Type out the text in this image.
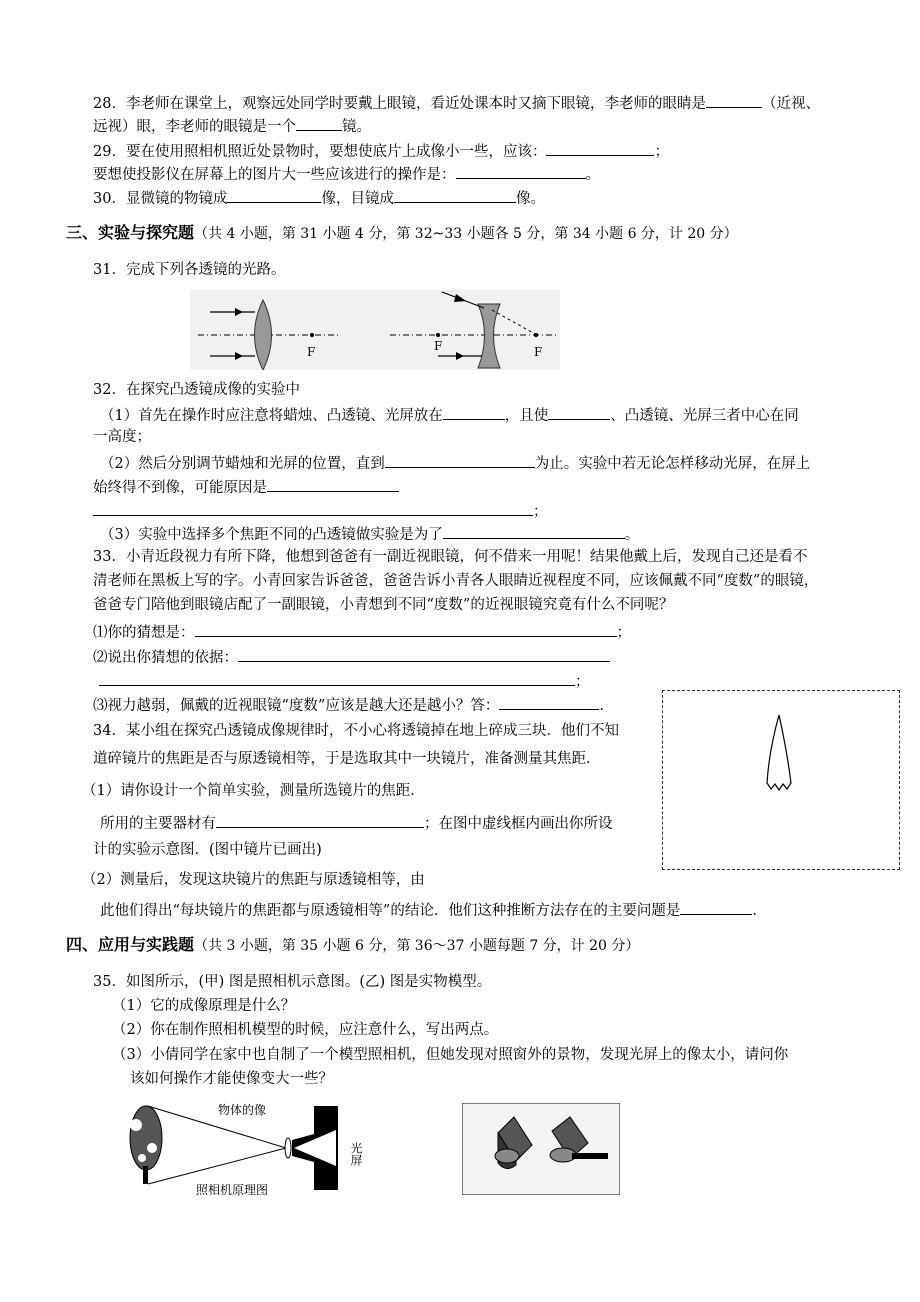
28．李老师在课堂上，观察远处同学时要戴上眼镜，看近处课本时又摘下眼镜，李老师的眼睛是	（近视、
远视）眼，李老师的眼镜是一个	镜。
29．要在使用照相机照近处景物时，要想使底片上成像小一些，应该：	；
要想使投影仪在屏幕上的图片大一些应该进行的操作是：	。
30．显微镜的物镜成	像，目镜成	像。
三、实验与探究题（共 4 小题，第 31 小题 4 分，第 32~33 小题各 5 分，第 34 小题 6 分，计 20 分）
31．完成下列各透镜的光路。
F	F	F
32．在探究凸透镜成像的实验中
（1）首先在操作时应注意将蜡烛、凸透镜、光屏放在	，且使	、凸透镜、光屏三者中心在同
一高度；
（2）然后分别调节蜡烛和光屏的位置，直到	为止。实验中若无论怎样移动光屏，在屏上
始终得不到像，可能原因是
；
（3）实验中选择多个焦距不同的凸透镜做实验是为了	。
33．小青近段视力有所下降，他想到爸爸有一副近视眼镜，何不借来一用呢！结果他戴上后，发现自己还是看不
清老师在黑板上写的字。小青回家告诉爸爸，爸爸告诉小青各人眼睛近视程度不同，应该佩戴不同“度数”的眼镜，
爸爸专门陪他到眼镜店配了一副眼镜，小青想到不同“度数”的近视眼镜究竟有什么不同呢？
⑴你的猜想是：	；
⑵说出你猜想的依据：
；
⑶视力越弱，佩戴的近视眼镜“度数”应该是越大还是越小？答：	.
34．某小组在探究凸透镜成像规律时，不小心将透镜掉在地上碎成三块．他们不知
道碎镜片的焦距是否与原透镜相等，于是选取其中一块镜片，准备测量其焦距．
（1）请你设计一个简单实验，测量所选镜片的焦距．
所用的主要器材有	；在图中虚线框内画出你所设
计的实验示意图．(图中镜片已画出)
（2）测量后，发现这块镜片的焦距与原透镜相等，由
此他们得出“每块镜片的焦距都与原透镜相等”的结论．他们这种推断方法存在的主要问题是	.
四、应用与实践题（共 3 小题，第 35 小题 6 分，第 36～37 小题每题 7 分，计 20 分）
35．如图所示，(甲) 图是照相机示意图。(乙) 图是实物模型。
（1）它的成像原理是什么？
（2）你在制作照相机模型的时候，应注意什么，写出两点。
（3）小倩同学在家中也自制了一个模型照相机，但她发现对照窗外的景物，发现光屏上的像太小，请问你
该如何操作才能使像变大一些？
物体的像
光屏
照相机原理图
